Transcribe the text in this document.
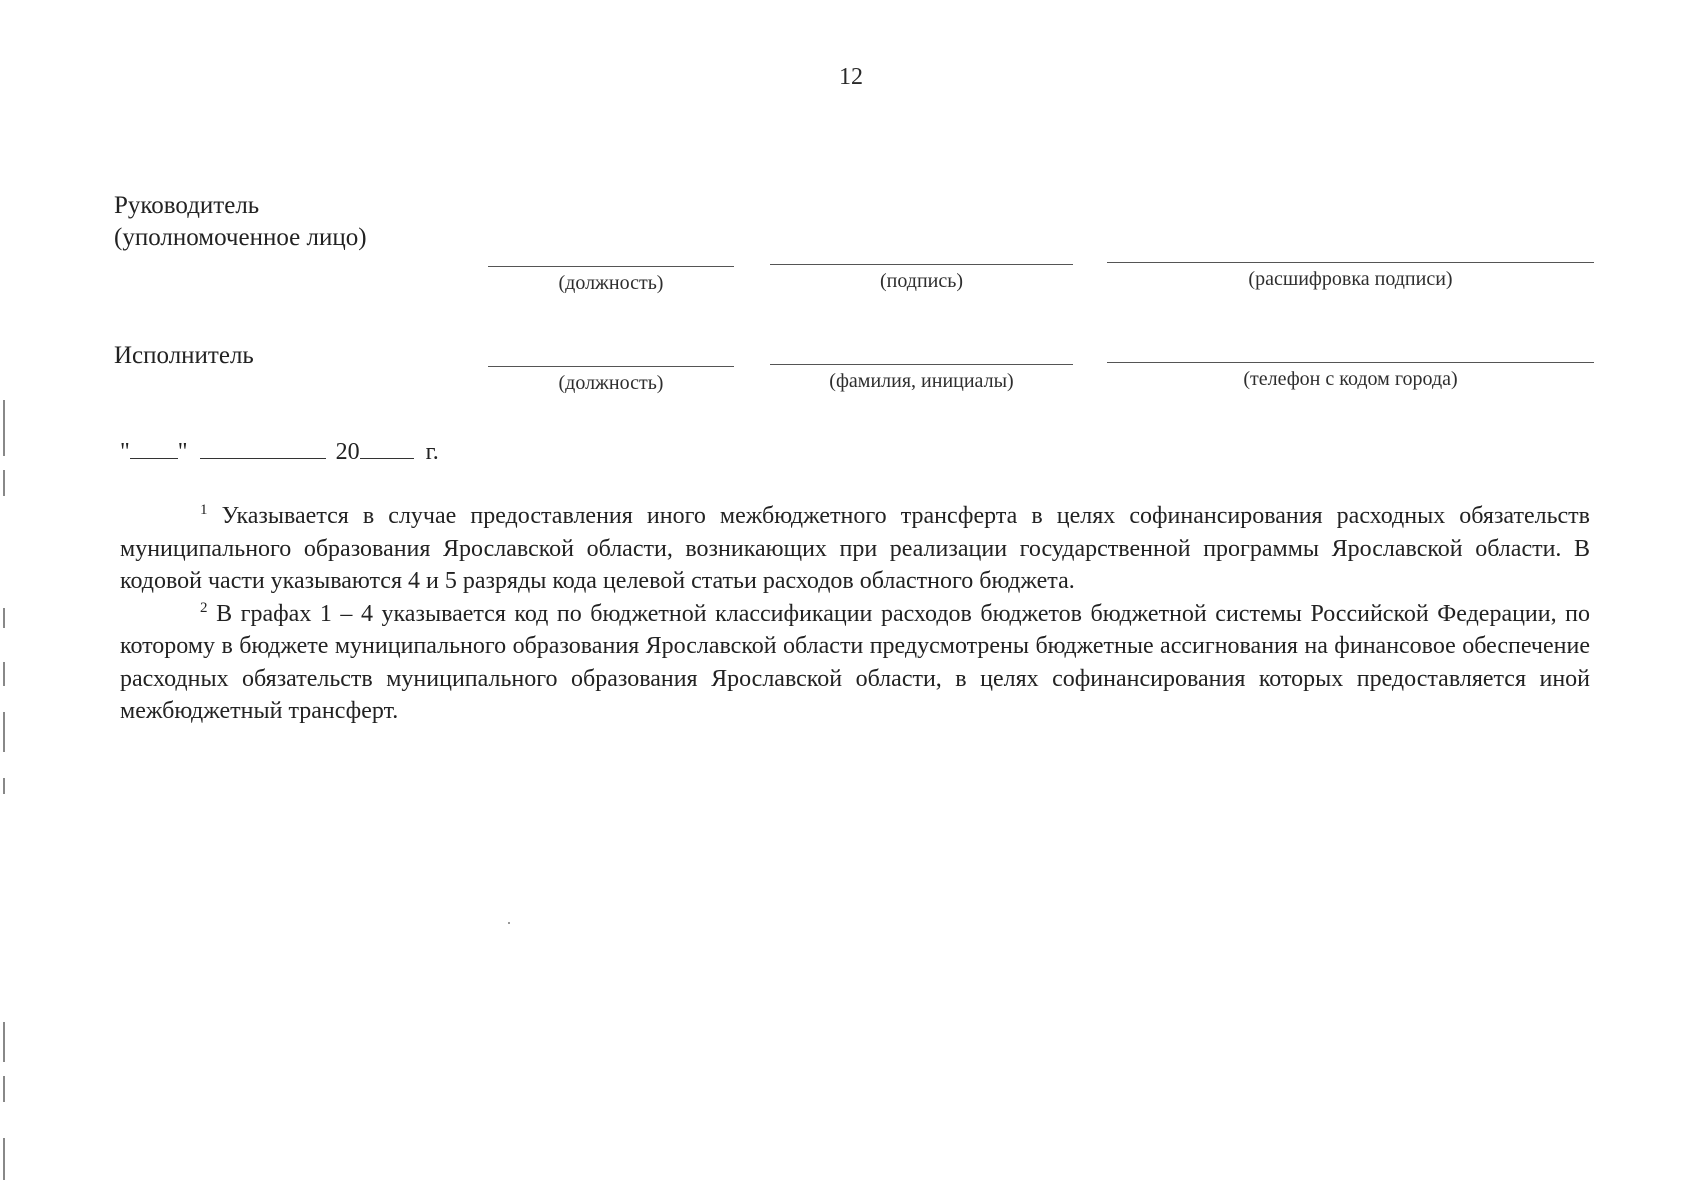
12
Руководитель
(уполномоченное лицо)
(должность)	(подпись)	(расшифровка подписи)
Исполнитель
(должность)	(фамилия, инициалы)	(телефон с кодом города)
" "	20	г.

$^1$ Указывается в случае предоставления иного межбюджетного трансферта в целях софинансирования расходных обязательств муниципального образования Ярославской области, возникающих при реализации государственной программы Ярославской области. В кодовой части указываются 4 и 5 разряды кода целевой статьи расходов областного бюджета.

$^2$ В графах 1 – 4 указывается код по бюджетной классификации расходов бюджетов бюджетной системы Российской Федерации, по которому в бюджете муниципального образования Ярославской области предусмотрены бюджетные ассигнования на финансовое обеспечение расходных обязательств муниципального образования Ярославской области, в целях софинансирования которых предоставляется иной межбюджетный трансферт.
